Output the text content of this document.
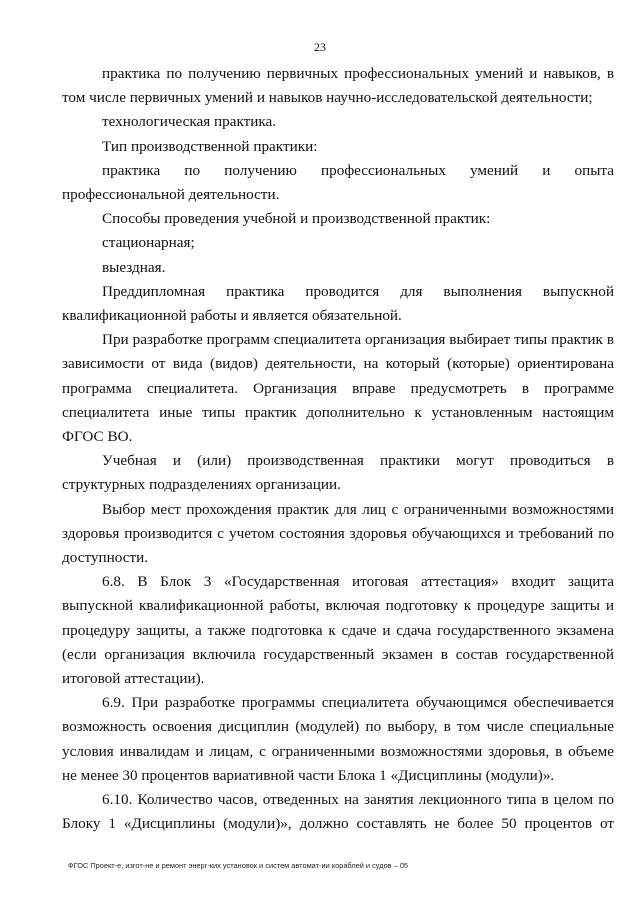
23

практика по получению первичных профессиональных умений и навыков, в том числе первичных умений и навыков научно-исследовательской деятельности;

технологическая практика.

Тип производственной практики:

практика по получению профессиональных умений и опыта профессиональной деятельности.

Способы проведения учебной и производственной практик:

стационарная;

выездная.

Преддипломная практика проводится для выполнения выпускной квалификационной работы и является обязательной.

При разработке программ специалитета организация выбирает типы практик в зависимости от вида (видов) деятельности, на который (которые) ориентирована программа специалитета. Организация вправе предусмотреть в программе специалитета иные типы практик дополнительно к установленным настоящим ФГОС ВО.

Учебная и (или) производственная практики могут проводиться в структурных подразделениях организации.

Выбор мест прохождения практик для лиц с ограниченными возможностями здоровья производится с учетом состояния здоровья обучающихся и требований по доступности.

6.8. В Блок 3 «Государственная итоговая аттестация» входит защита выпускной квалификационной работы, включая подготовку к процедуре защиты и процедуру защиты, а также подготовка к сдаче и сдача государственного экзамена (если организация включила государственный экзамен в состав государственной итоговой аттестации).

6.9. При разработке программы специалитета обучающимся обеспечивается возможность освоения дисциплин (модулей) по выбору, в том числе специальные условия инвалидам и лицам, с ограниченными возможностями здоровья, в объеме не менее 30 процентов вариативной части Блока 1 «Дисциплины (модули)».

6.10. Количество часов, отведенных на занятия лекционного типа в целом по Блоку 1 «Дисциплины (модули)», должно составлять не более 50 процентов от

ФГОС Проект-е, изгот-не и ремонт энерг-ких установок и систем автомат-ии кораблей и судов – 05
